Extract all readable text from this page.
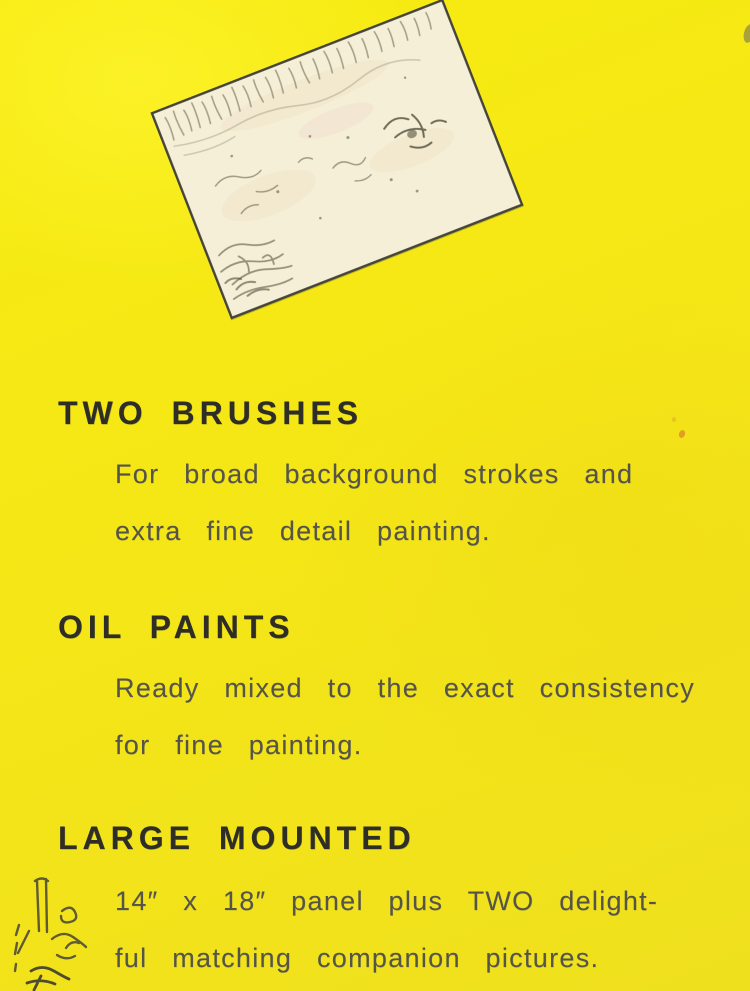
TWO BRUSHES
For broad background strokes and
extra fine detail painting.
OIL PAINTS
Ready mixed to the exact consistency
for fine painting.
LARGE MOUNTED
14″ x 18″ panel plus TWO delight-
ful matching companion pictures.
